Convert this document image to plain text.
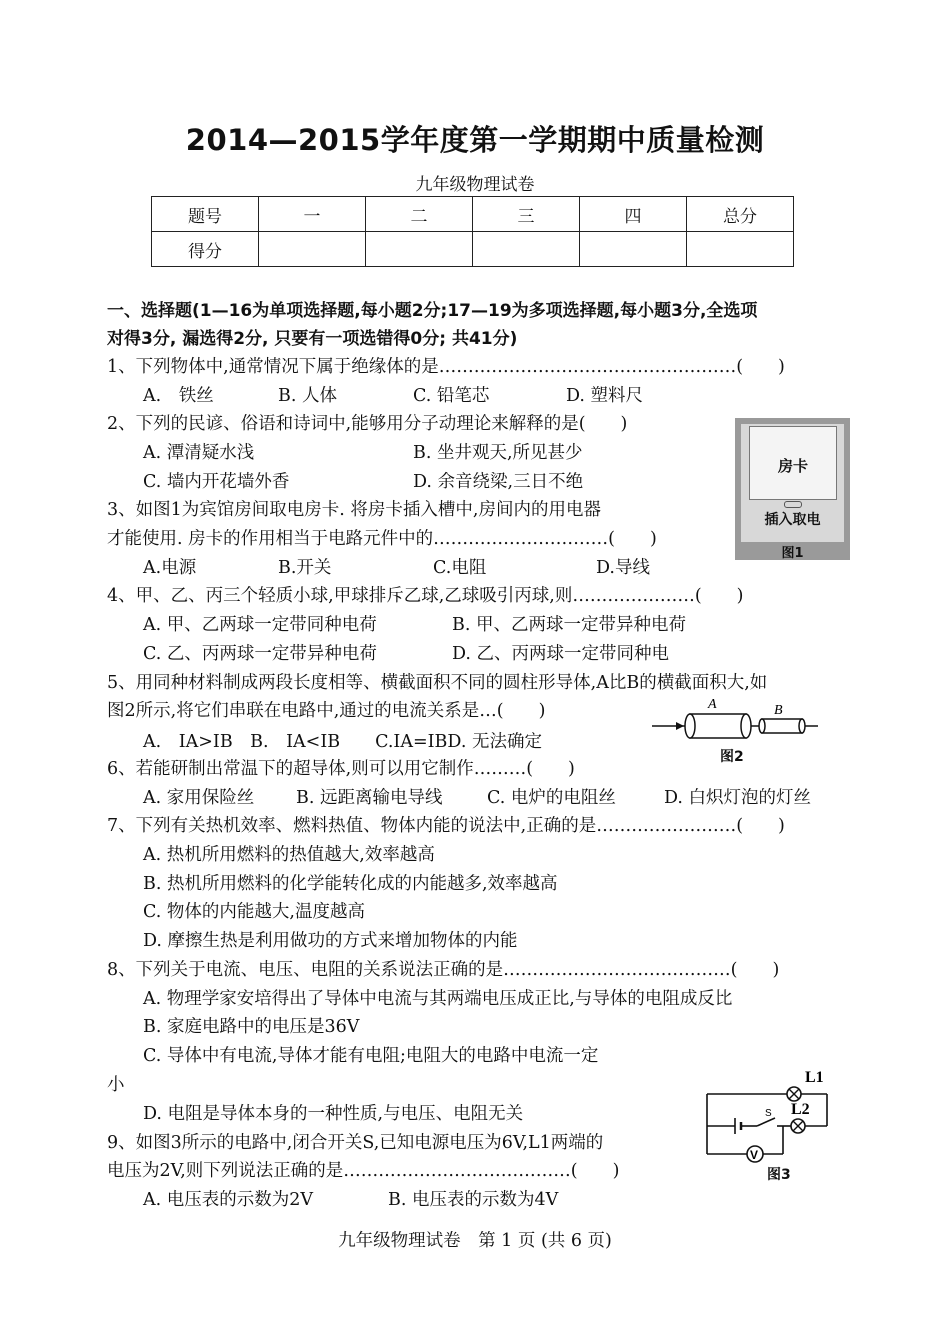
2014—2015学年度第一学期期中质量检测
九年级物理试卷
题号	一	二	三	四	总分
得分					
一、选择题(1—16为单项选择题,每小题2分;17—19为多项选择题,每小题3分,全选项
对得3分, 漏选得2分, 只要有一项选错得0分; 共41分)
1、下列物体中,通常情况下属于绝缘体的是……………………………………………(　　)
A.　铁丝	B. 人体	C. 铅笔芯	D. 塑料尺
2、下列的民谚、俗语和诗词中,能够用分子动理论来解释的是(　　)
A. 潭清疑水浅	B. 坐井观天,所见甚少
C. 墙内开花墙外香	D. 余音绕梁,三日不绝
3、如图1为宾馆房间取电房卡. 将房卡插入槽中,房间内的用电器
才能使用. 房卡的作用相当于电路元件中的…………………………(　　)
A.电源	B.开关	C.电阻	D.导线
4、甲、乙、丙三个轻质小球,甲球排斥乙球,乙球吸引丙球,则…………………(　　)
A. 甲、乙两球一定带同种电荷	B. 甲、乙两球一定带异种电荷
C. 乙、丙两球一定带异种电荷	D. 乙、丙两球一定带同种电
5、用同种材料制成两段长度相等、横截面积不同的圆柱形导体,A比B的横截面积大,如
图2所示,将它们串联在电路中,通过的电流关系是…(　　)
A.　IA>IB　B.　IA<IB　　C.IA=IBD. 无法确定
6、若能研制出常温下的超导体,则可以用它制作………(　　)
A. 家用保险丝 B. 远距离输电导线	C. 电炉的电阻丝	D. 白炽灯泡的灯丝
7、下列有关热机效率、燃料热值、物体内能的说法中,正确的是……………………(　　)
A. 热机所用燃料的热值越大,效率越高
B. 热机所用燃料的化学能转化成的内能越多,效率越高
C. 物体的内能越大,温度越高
D. 摩擦生热是利用做功的方式来增加物体的内能
8、下列关于电流、电压、电阻的关系说法正确的是…………………………………(　　)
A. 物理学家安培得出了导体中电流与其两端电压成正比,与导体的电阻成反比
B. 家庭电路中的电压是36V
C. 导体中有电流,导体才能有电阻;电阻大的电路中电流一定
小
D. 电阻是导体本身的一种性质,与电压、电阻无关
9、如图3所示的电路中,闭合开关S,已知电源电压为6V,L1两端的
电压为2V,则下列说法正确的是…………………………………(　　)
A. 电压表的示数为2V	B. 电压表的示数为4V
九年级物理试卷　第 1 页 (共 6 页)
房卡
插入取电
图1
A	B
图2
V
L1
L2
S
图3
